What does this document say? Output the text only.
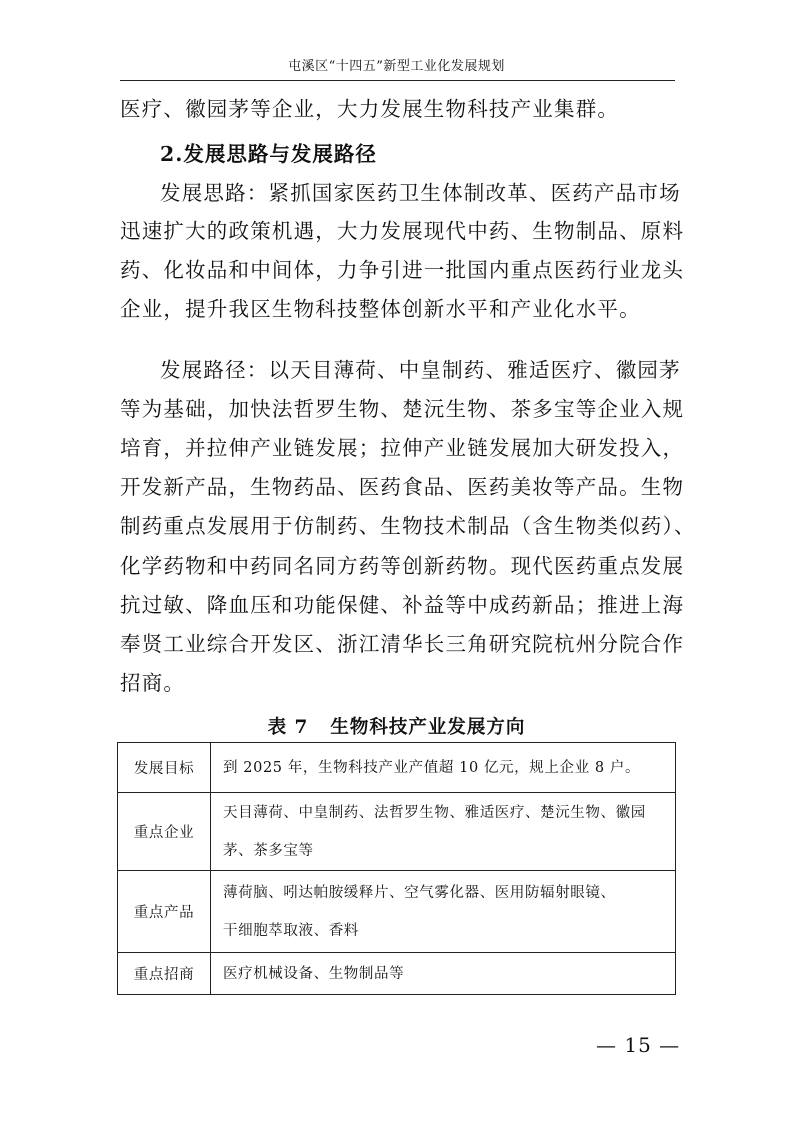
屯溪区“十四五”新型工业化发展规划
医疗、徽园茅等企业，大力发展生物科技产业集群。
2.发展思路与发展路径
发展思路：紧抓国家医药卫生体制改革、医药产品市场
迅速扩大的政策机遇，大力发展现代中药、生物制品、原料
药、化妆品和中间体，力争引进一批国内重点医药行业龙头
企业，提升我区生物科技整体创新水平和产业化水平。
发展路径：以天目薄荷、中皇制药、雅适医疗、徽园茅
等为基础，加快法哲罗生物、楚沅生物、茶多宝等企业入规
培育，并拉伸产业链发展；拉伸产业链发展加大研发投入，
开发新产品，生物药品、医药食品、医药美妆等产品。生物
制药重点发展用于仿制药、生物技术制品（含生物类似药）、
化学药物和中药同名同方药等创新药物。现代医药重点发展
抗过敏、降血压和功能保健、补益等中成药新品；推进上海
奉贤工业综合开发区、浙江清华长三角研究院杭州分院合作
招商。
表 7 生物科技产业发展方向
发展目标	到 2025 年，生物科技产业产值超 10 亿元，规上企业 8 户。

重点企业	天目薄荷、中皇制药、法哲罗生物、雅适医疗、楚沅生物、徽园
茅、茶多宝等

重点产品	薄荷脑、吲达帕胺缓释片、空气雾化器、医用防辐射眼镜、
干细胞萃取液、香料

重点招商	医疗机械设备、生物制品等
— 15 —
